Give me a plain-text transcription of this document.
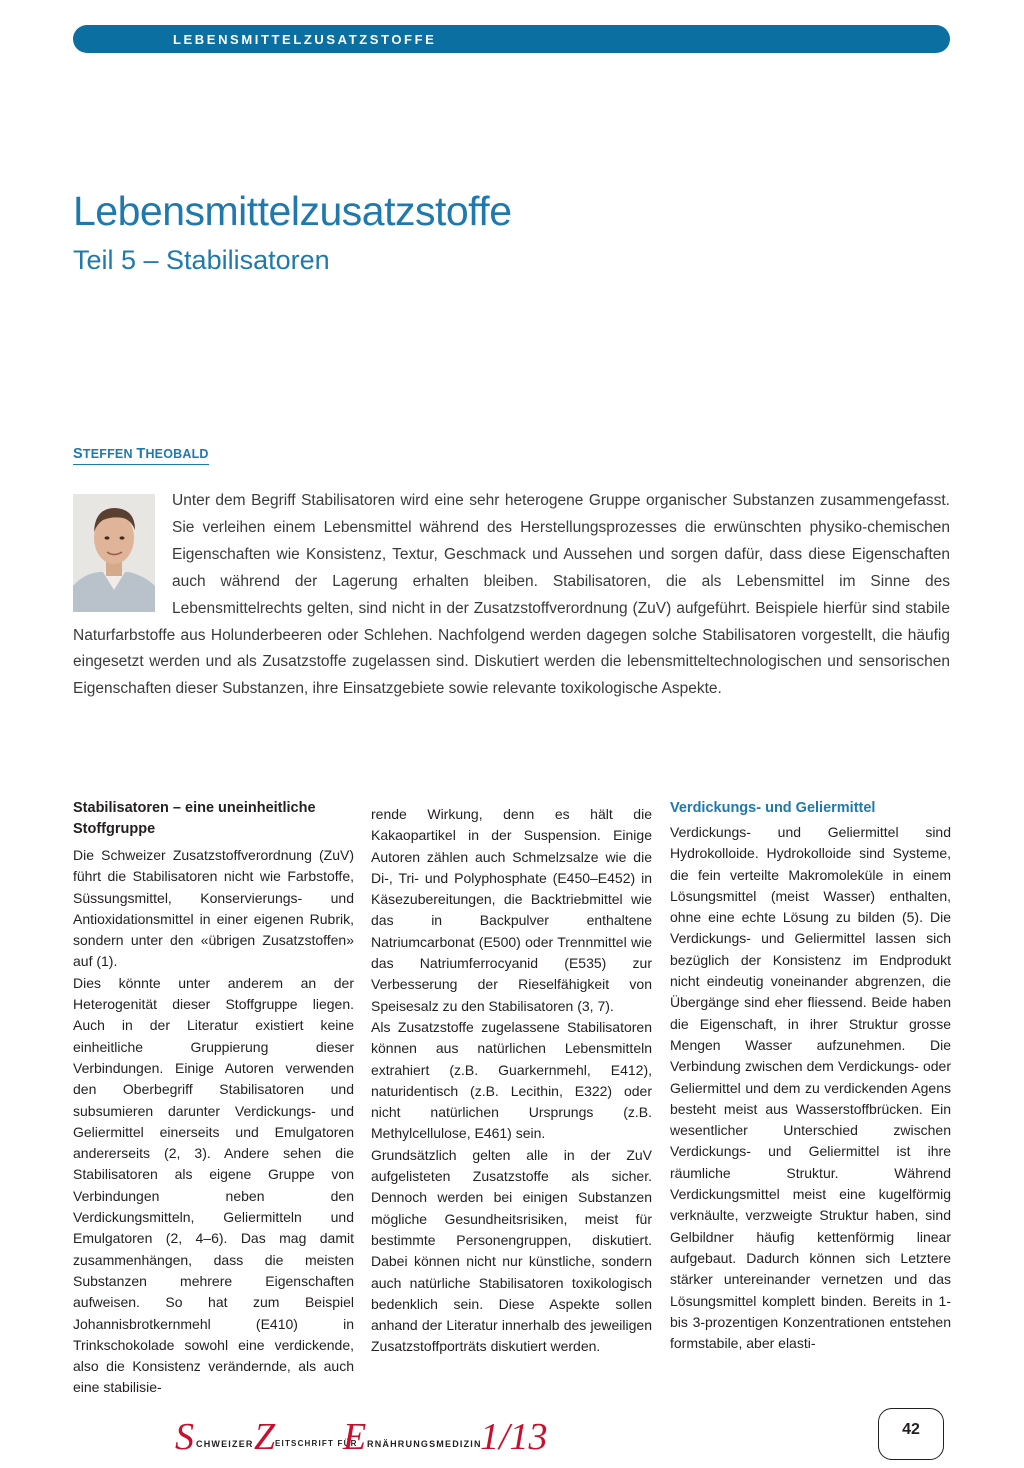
LEBENSMITTELZUSATZSTOFFE
Lebensmittelzusatzstoffe
Teil 5 – Stabilisatoren
STEFFEN THEOBALD
Unter dem Begriff Stabilisatoren wird eine sehr heterogene Gruppe organischer Substanzen zusammengefasst. Sie verleihen einem Lebensmittel während des Herstellungsprozesses die erwünschten physiko-chemischen Eigenschaften wie Konsistenz, Textur, Geschmack und Aussehen und sorgen dafür, dass diese Eigenschaften auch während der Lagerung erhalten bleiben. Stabilisatoren, die als Lebensmittel im Sinne des Lebensmittelrechts gelten, sind nicht in der Zusatzstoffverordnung (ZuV) aufgeführt. Beispiele hierfür sind stabile Naturfarbstoffe aus Holunderbeeren oder Schlehen. Nachfolgend werden dagegen solche Stabilisatoren vorgestellt, die häufig eingesetzt werden und als Zusatzstoffe zugelassen sind. Diskutiert werden die lebensmitteltechnologischen und sensorischen Eigenschaften dieser Substanzen, ihre Einsatzgebiete sowie relevante toxikologische Aspekte.
Stabilisatoren – eine uneinheitliche Stoffgruppe

Die Schweizer Zusatzstoffverordnung (ZuV) führt die Stabilisatoren nicht wie Farbstoffe, Süssungsmittel, Konservierungs- und Antioxidationsmittel in einer eigenen Rubrik, sondern unter den «übrigen Zusatzstoffen» auf (1).

Dies könnte unter anderem an der Heterogenität dieser Stoffgruppe liegen. Auch in der Literatur existiert keine einheitliche Gruppierung dieser Verbindungen. Einige Autoren verwenden den Oberbegriff Stabilisatoren und subsumieren darunter Verdickungs- und Geliermittel einerseits und Emulgatoren andererseits (2, 3). Andere sehen die Stabilisatoren als eigene Gruppe von Verbindungen neben den Verdickungsmitteln, Geliermitteln und Emulgatoren (2, 4–6). Das mag damit zusammenhängen, dass die meisten Substanzen mehrere Eigenschaften aufweisen. So hat zum Beispiel Johannisbrotkernmehl (E410) in Trinkschokolade sowohl eine verdickende, also die Konsistenz verändernde, als auch eine stabilisie-

rende Wirkung, denn es hält die Kakaopartikel in der Suspension. Einige Autoren zählen auch Schmelzsalze wie die Di-, Tri- und Polyphosphate (E450–E452) in Käsezubereitungen, die Backtriebmittel wie das in Backpulver enthaltene Natriumcarbonat (E500) oder Trennmittel wie das Natriumferrocyanid (E535) zur Verbesserung der Rieselfähigkeit von Speisesalz zu den Stabilisatoren (3, 7).

Als Zusatzstoffe zugelassene Stabilisatoren können aus natürlichen Lebensmitteln extrahiert (z.B. Guarkernmehl, E412), naturidentisch (z.B. Lecithin, E322) oder nicht natürlichen Ursprungs (z.B. Methylcellulose, E461) sein.

Grundsätzlich gelten alle in der ZuV aufgelisteten Zusatzstoffe als sicher. Dennoch werden bei einigen Substanzen mögliche Gesundheitsrisiken, meist für bestimmte Personengruppen, diskutiert. Dabei können nicht nur künstliche, sondern auch natürliche Stabilisatoren toxikologisch bedenklich sein. Diese Aspekte sollen anhand der Literatur innerhalb des jeweiligen Zusatzstoffporträts diskutiert werden.

Verdickungs- und Geliermittel

Verdickungs- und Geliermittel sind Hydrokolloide. Hydrokolloide sind Systeme, die fein verteilte Makromoleküle in einem Lösungsmittel (meist Wasser) enthalten, ohne eine echte Lösung zu bilden (5). Die Verdickungs- und Geliermittel lassen sich bezüglich der Konsistenz im Endprodukt nicht eindeutig voneinander abgrenzen, die Übergänge sind eher fliessend. Beide haben die Eigenschaft, in ihrer Struktur grosse Mengen Wasser aufzunehmen. Die Verbindung zwischen dem Verdickungs- oder Geliermittel und dem zu verdickenden Agens besteht meist aus Wasserstoffbrücken. Ein wesentlicher Unterschied zwischen Verdickungs- und Geliermittel ist ihre räumliche Struktur. Während Verdickungsmittel meist eine kugelförmig verknäulte, verzweigte Struktur haben, sind Gelbildner häufig kettenförmig linear aufgebaut. Dadurch können sich Letztere stärker untereinander vernetzen und das Lösungsmittel komplett binden. Bereits in 1- bis 3-prozentigen Konzentrationen entstehen formstabile, aber elasti-

S CHWEIZER Z EITSCHRIFT FÜR
E RNÄHRUNGSMEDIZIN
1/13	42
